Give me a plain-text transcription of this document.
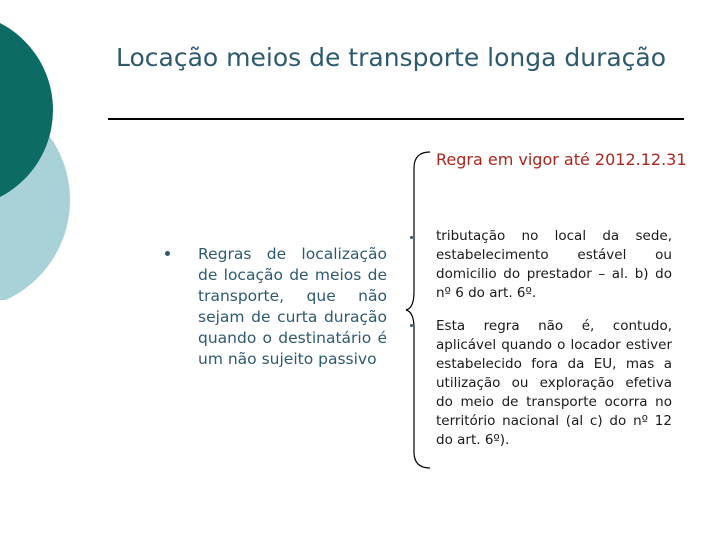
Locação meios de transporte longa duração
Regra em vigor até 2012.12.31
Regras de localização de locação de meios de transporte, que não sejam de curta duração quando o destinatário é um não sujeito passivo
tributação no local da sede, estabelecimento estável ou domicilio do prestador – al. b) do nº 6 do art. 6º.
Esta regra não é, contudo, aplicável quando o locador estiver estabelecido fora da EU, mas a utilização ou exploração efetiva do meio de transporte ocorra no território nacional (al c) do nº 12 do art. 6º).
